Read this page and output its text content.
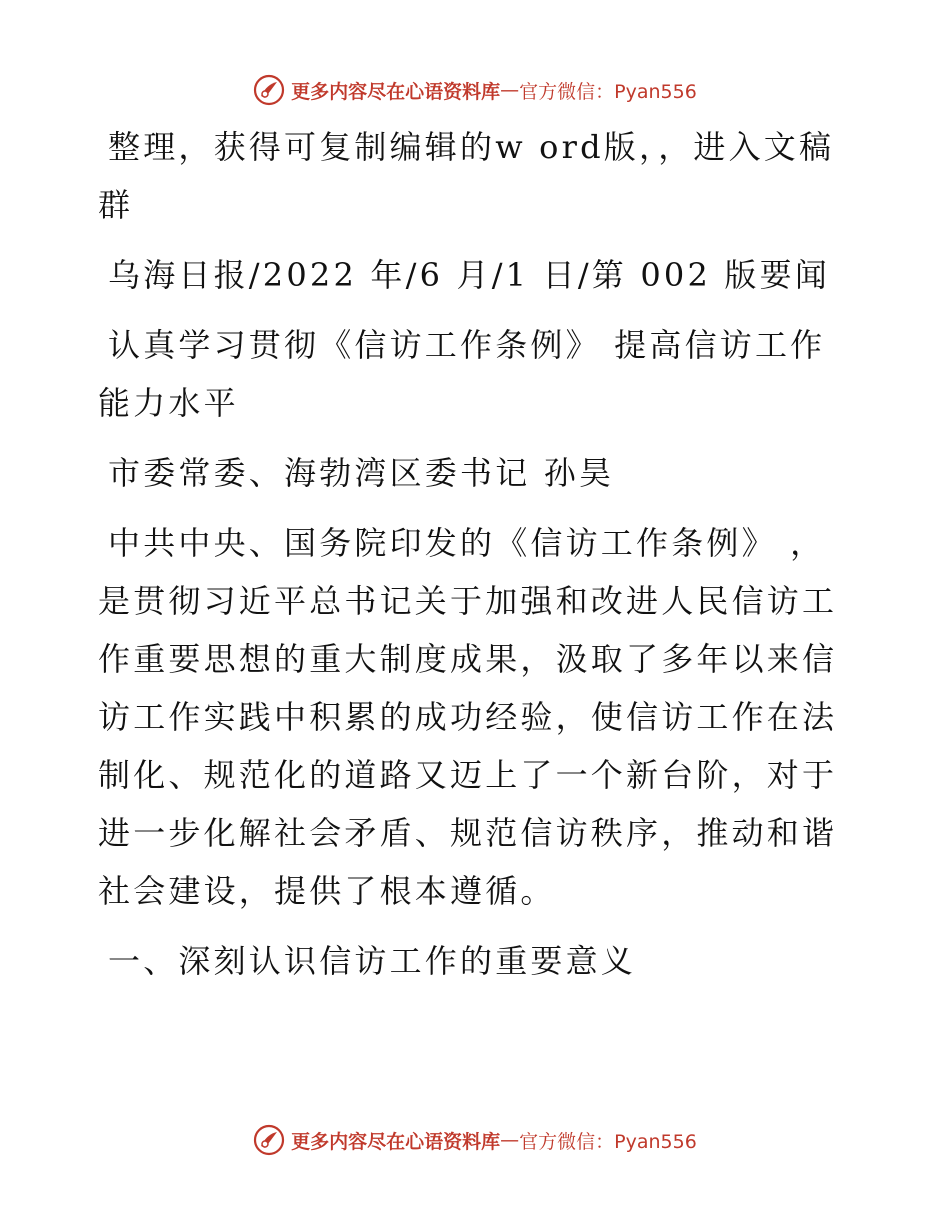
更多内容尽在心语资料库 — 官方微信：Pyan556

整理，获得可复制编辑的w ord版，，进入文稿群

乌海日报/2022 年/6 月/1 日/第 002 版要闻

认真学习贯彻《信访工作条例》 提高信访工作能力水平

市委常委、海勃湾区委书记 孙昊

中共中央、国务院印发的《信访工作条例》 ，是贯彻习近平总书记关于加强和改进人民信访工作重要思想的重大制度成果，汲取了多年以来信访工作实践中积累的成功经验，使信访工作在法制化、规范化的道路又迈上了一个新台阶，对于进一步化解社会矛盾、规范信访秩序，推动和谐社会建设，提供了根本遵循。

一、深刻认识信访工作的重要意义

更多内容尽在心语资料库 — 官方微信：Pyan556
